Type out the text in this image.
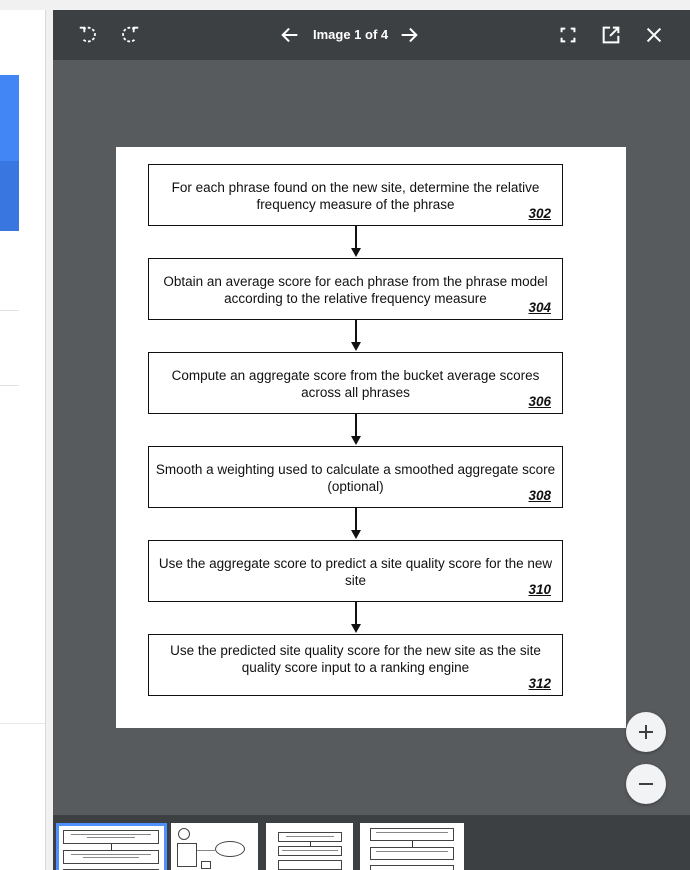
Image 1 of 4
For each phrase found on the new site, determine the relative frequency measure of the phrase
302
Obtain an average score for each phrase from the phrase model according to the relative frequency measure
304
Compute an aggregate score from the bucket average scores across all phrases
306
Smooth a weighting used to calculate a smoothed aggregate score (optional)
308
Use the aggregate score to predict a site quality score for the new site
310
Use the predicted site quality score for the new site as the site quality score input to a ranking engine
312
